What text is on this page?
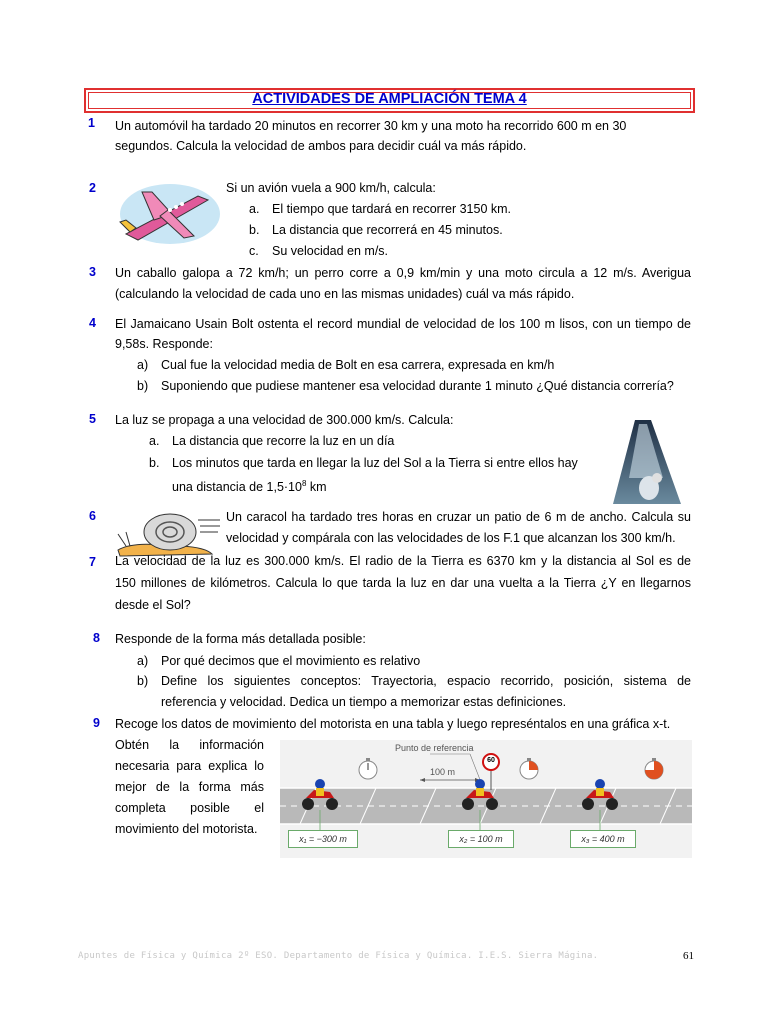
ACTIVIDADES DE AMPLIACIÓN TEMA 4
1 Un automóvil ha tardado 20 minutos en recorrer 30 km y una moto ha recorrido 600 m en 30
segundos. Calcula la velocidad de ambos para decidir cuál va más rápido.
2	Si un avión vuela a 900 km/h, calcula:
a. El tiempo que tardará en recorrer 3150 km.
b. La distancia que recorrerá en 45 minutos.
c. Su velocidad en m/s.
3 Un caballo galopa a 72 km/h; un perro corre a 0,9 km/min y una moto circula a 12 m/s. Averigua
(calculando la velocidad de cada uno en las mismas unidades) cuál va más rápido.
4 El Jamaicano Usain Bolt ostenta el record mundial de velocidad de los 100 m lisos, con un tiempo de
9,58s. Responde:
a) Cual fue la velocidad media de Bolt en esa carrera, expresada en km/h
b) Suponiendo que pudiese mantener esa velocidad durante 1 minuto ¿Qué distancia correría?
5 La luz se propaga a una velocidad de 300.000 km/s. Calcula:
a. La distancia que recorre la luz en un día
b. Los minutos que tarda en llegar la luz del Sol a la Tierra si entre ellos hay
una distancia de $1,5\cdot 10^8$ km
6	Un caracol ha tardado tres horas en cruzar un patio de 6 m de ancho. Calcula su
velocidad y compárala con las velocidades de los F.1 que alcanzan los 300 km/h.
7 La velocidad de la luz es 300.000 km/s. El radio de la Tierra es 6370 km y la distancia al Sol es de
150 millones de kilómetros. Calcula lo que tarda la luz en dar una vuelta a la Tierra ¿Y en llegarnos
desde el Sol?
8 Responde de la forma más detallada posible:
a) Por qué decimos que el movimiento es relativo
b) Define los siguientes conceptos: Trayectoria, espacio recorrido, posición, sistema de
referencia y velocidad. Dedica un tiempo a memorizar estas definiciones.
9 Recoge los datos de movimiento del motorista en una tabla y luego represéntalos en una gráfica x-t.
Obtén la información
necesaria para explica lo
mejor de la forma más
completa posible el
movimiento del motorista.
Punto de referencia
100 m
60
x₁ = −300 m	x₂ = 100 m	x₃ = 400 m
Apuntes de Física y Química 2º ESO. Departamento de Física y Química. I.E.S. Sierra Mágina.	61
